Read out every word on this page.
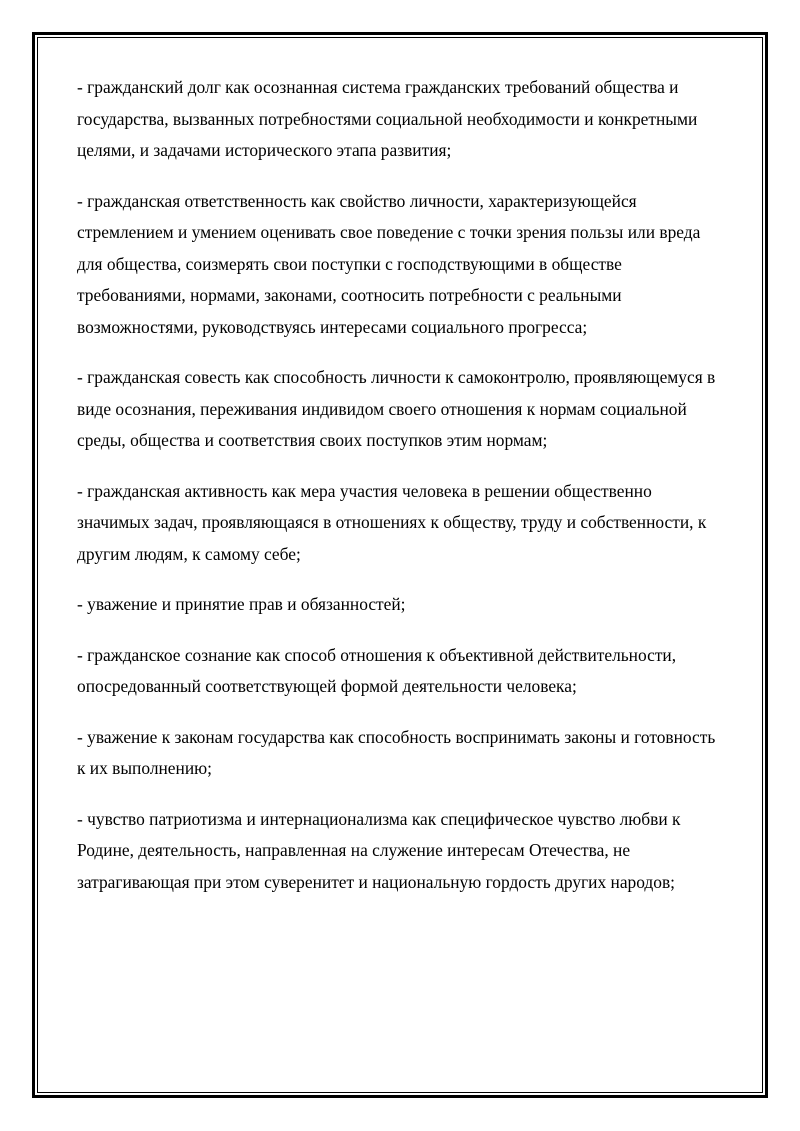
- гражданский долг как осознанная система гражданских требований общества и государства, вызванных потребностями социальной необходимости и конкретными целями, и задачами исторического этапа развития;

- гражданская ответственность как свойство личности, характеризующейся стремлением и умением оценивать свое поведение с точки зрения пользы или вреда для общества, соизмерять свои поступки с господствующими в обществе требованиями, нормами, законами, соотносить потребности с реальными возможностями, руководствуясь интересами социального прогресса;

- гражданская совесть как способность личности к самоконтролю, проявляющемуся в виде осознания, переживания индивидом своего отношения к нормам социальной среды, общества и соответствия своих поступков этим нормам;

- гражданская активность как мера участия человека в решении общественно значимых задач, проявляющаяся в отношениях к обществу, труду и собственности, к другим людям, к самому себе;

- уважение и принятие прав и обязанностей;

- гражданское сознание как способ отношения к объективной действительности, опосредованный соответствующей формой деятельности человека;

- уважение к законам государства как способность воспринимать законы и готовность к их выполнению;

- чувство патриотизма и интернационализма как специфическое чувство любви к Родине, деятельность, направленная на служение интересам Отечества, не затрагивающая при этом суверенитет и национальную гордость других народов;
